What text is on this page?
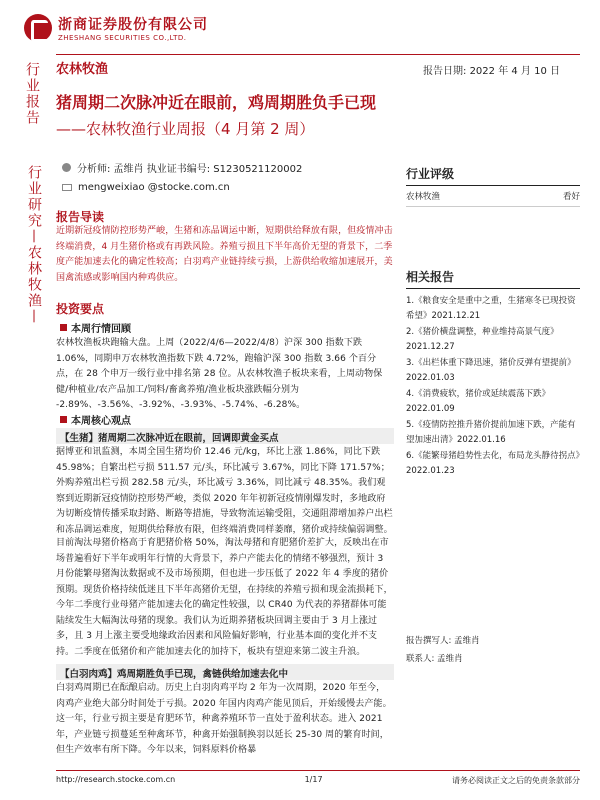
浙商证券股份有限公司
ZHESHANG SECURITIES CO.,LTD.
农林牧渔	报告日期: 2022 年 4 月 10 日
行业报告
行业研究—农林牧渔—
猪周期二次脉冲近在眼前，鸡周期胜负手已现
——农林牧渔行业周报（4 月第 2 周）
分析师: 孟维肖 执业证书编号: S1230521120002
mengweixiao @stocke.com.cn
报告导读
近期新冠疫情防控形势严峻，生猪和冻品调运中断，短期供给释放有限，但疫情冲击终端消费，4 月生猪价格或有再跌风险。养殖亏损且下半年高价无望的背景下，二季度产能加速去化的确定性较高；白羽鸡产业链持续亏损，上游供给收缩加速展开，美国禽流感或影响国内种鸡供应。
投资要点
本周行情回顾
农林牧渔板块跑输大盘。上周（2022/4/6—2022/4/8）沪深 300 指数下跌 1.06%，同期申万农林牧渔指数下跌 4.72%，跑输沪深 300 指数 3.66 个百分点，在 28 个申万一级行业中排名第 28 位。从农林牧渔子板块来看，上周动物保健/种植业/农产品加工/饲料/畜禽养殖/渔业板块涨跌幅分别为 -2.89%、-3.56%、-3.92%、-3.93%、-5.74%、-6.28%。
本周核心观点
【生猪】猪周期二次脉冲近在眼前，回调即黄金买点
据博亚和讯监测，本周全国生猪均价 12.46 元/kg，环比上涨 1.86%，同比下跌 45.98%；自繁出栏亏损 511.57 元/头，环比减亏 3.67%，同比下降 171.57%；外购养殖出栏亏损 282.58 元/头，环比减亏 3.36%，同比减亏 48.35%。我们观察到近期新冠疫情防控形势严峻，类似 2020 年年初新冠疫情刚爆发时，多地政府为切断疫情传播采取封路、断路等措施，导致物流运输受阻，交通阻滞增加养户出栏和冻品调运难度，短期供给释放有限，但终端消费同样萎靡，猪价或持续偏弱调整。
目前淘汰母猪价格高于育肥猪价格 50%，淘汰母猪和育肥猪价差扩大，反映出在市场普遍看好下半年或明年行情的大背景下，养户产能去化的情绪不够强烈，预计 3 月份能繁母猪淘汰数据或不及市场预期，但也进一步压低了 2022 年 4 季度的猪价预期。现货价格持续低迷且下半年高猪价无望，在持续的养殖亏损和现金流损耗下，今年二季度行业母猪产能加速去化的确定性较强，以 CR40 为代表的养猪群体可能陆续发生大幅淘汰母猪的现象。我们认为近期养猪板块回调主要由于 3 月上涨过多，且 3 月上涨主要受地缘政治因素和风险偏好影响，行业基本面的变化并不支持。二季度在低猪价和产能加速去化的加持下，板块有望迎来第二波主升浪。
【白羽肉鸡】鸡周期胜负手已现，禽链供给加速去化中
白羽鸡周期已在酝酿启动。历史上白羽肉鸡平均 2 年为一次周期，2020 年至今，肉鸡产业绝大部分时间处于亏损。2020 年国内肉鸡产能见顶后，开始缓慢去产能。这一年，行业亏损主要是育肥环节，种禽养殖环节一直处于盈利状态。进入 2021 年，产业链亏损蔓延至种禽环节，种禽开始强制换羽以延长 25-30 周的繁育时间，但生产效率有所下降。今年以来，饲料原料价格暴
行业评级
农林牧渔	看好
相关报告

1.《粮食安全是重中之重，生猪寒冬已现投资希望》2021.12.21

2.《猪价横盘调整，种业维持高景气度》2021.12.27

3.《出栏体重下降迅速，猪价反弹有望提前》2022.01.03

4.《消费疲软，猪价或延续震荡下跌》2022.01.09

5.《疫情防控推升猪价提前加速下跌，产能有望加速出清》2022.01.16

6.《能繁母猪趋势性去化，布局龙头静待拐点》2022.01.23

报告撰写人: 孟维肖
联系人: 孟维肖
http://research.stocke.com.cn	1/17	请务必阅读正文之后的免责条款部分
